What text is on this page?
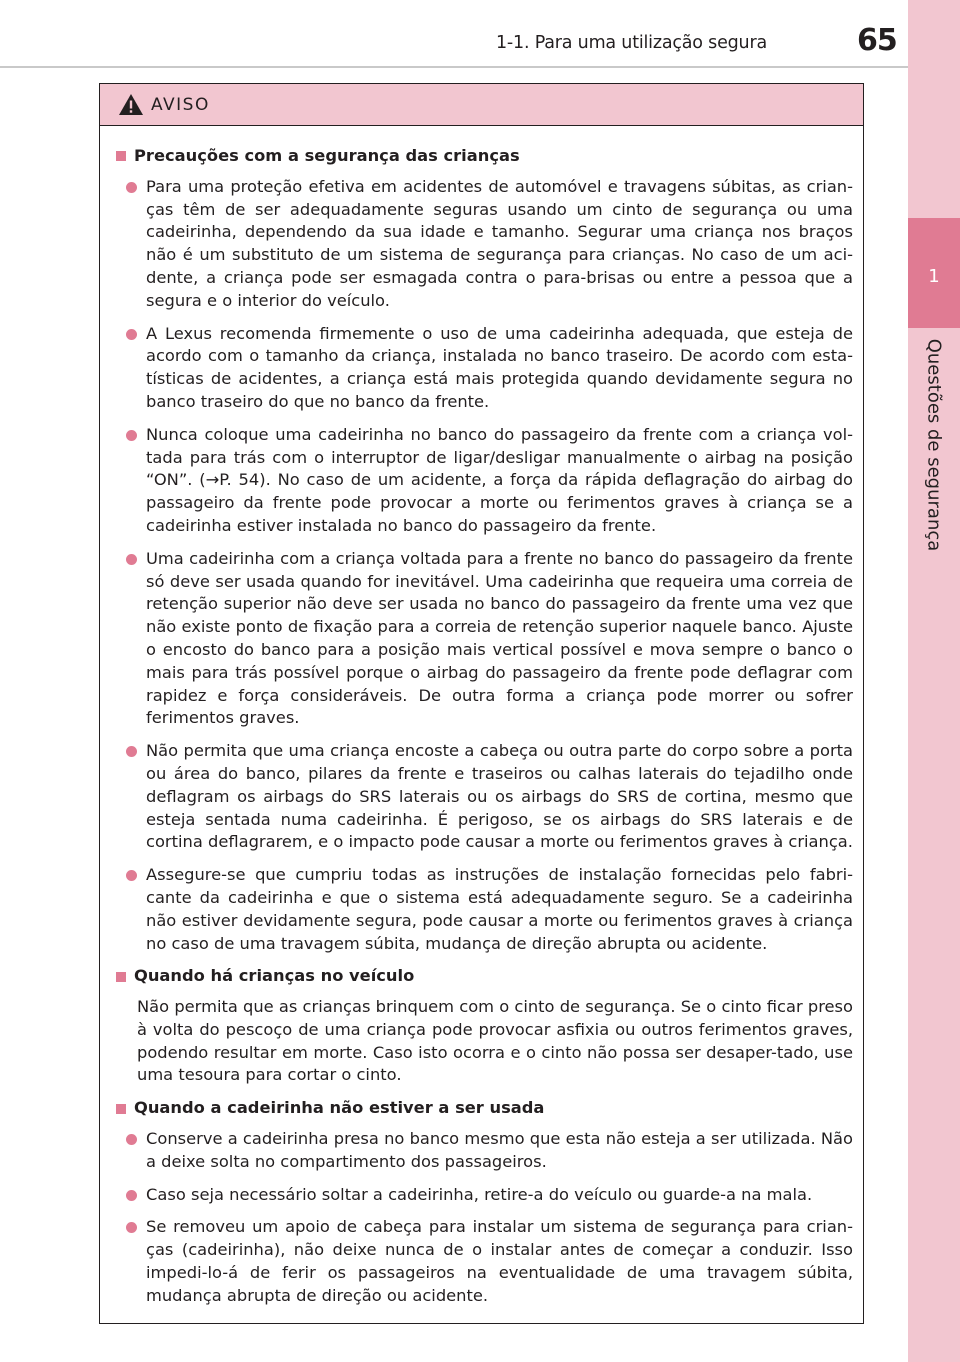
1-1. Para uma utilização segura	65
1
Questões de segurança
AVISO
Precauções com a segurança das crianças
Para uma proteção efetiva em acidentes de automóvel e travagens súbitas, as crian-ças têm de ser adequadamente seguras usando um cinto de segurança ou uma cadeirinha, dependendo da sua idade e tamanho. Segurar uma criança nos braços não é um substituto de um sistema de segurança para crianças. No caso de um aci-dente, a criança pode ser esmagada contra o para-brisas ou entre a pessoa que a segura e o interior do veículo.
A Lexus recomenda firmemente o uso de uma cadeirinha adequada, que esteja de acordo com o tamanho da criança, instalada no banco traseiro. De acordo com esta-tísticas de acidentes, a criança está mais protegida quando devidamente segura no banco traseiro do que no banco da frente.
Nunca coloque uma cadeirinha no banco do passageiro da frente com a criança vol-tada para trás com o interruptor de ligar/desligar manualmente o airbag na posição “ON”. (→P. 54). No caso de um acidente, a força da rápida deflagração do airbag do passageiro da frente pode provocar a morte ou ferimentos graves à criança se a cadeirinha estiver instalada no banco do passageiro da frente.
Uma cadeirinha com a criança voltada para a frente no banco do passageiro da frente só deve ser usada quando for inevitável. Uma cadeirinha que requeira uma correia de retenção superior não deve ser usada no banco do passageiro da frente uma vez que não existe ponto de fixação para a correia de retenção superior naquele banco. Ajuste o encosto do banco para a posição mais vertical possível e mova sempre o banco o mais para trás possível porque o airbag do passageiro da frente pode deflagrar com rapidez e força consideráveis. De outra forma a criança pode morrer ou sofrer ferimentos graves.
Não permita que uma criança encoste a cabeça ou outra parte do corpo sobre a porta ou área do banco, pilares da frente e traseiros ou calhas laterais do tejadilho onde deflagram os airbags do SRS laterais ou os airbags do SRS de cortina, mesmo que esteja sentada numa cadeirinha. É perigoso, se os airbags do SRS laterais e de cortina deflagrarem, e o impacto pode causar a morte ou ferimentos graves à criança.
Assegure-se que cumpriu todas as instruções de instalação fornecidas pelo fabri-cante da cadeirinha e que o sistema está adequadamente seguro. Se a cadeirinha não estiver devidamente segura, pode causar a morte ou ferimentos graves à criança no caso de uma travagem súbita, mudança de direção abrupta ou acidente.
Quando há crianças no veículo
Não permita que as crianças brinquem com o cinto de segurança. Se o cinto ficar preso à volta do pescoço de uma criança pode provocar asfixia ou outros ferimentos graves, podendo resultar em morte. Caso isto ocorra e o cinto não possa ser desaper-tado, use uma tesoura para cortar o cinto.
Quando a cadeirinha não estiver a ser usada
Conserve a cadeirinha presa no banco mesmo que esta não esteja a ser utilizada. Não a deixe solta no compartimento dos passageiros.
Caso seja necessário soltar a cadeirinha, retire-a do veículo ou guarde-a na mala.
Se removeu um apoio de cabeça para instalar um sistema de segurança para crian-ças (cadeirinha), não deixe nunca de o instalar antes de começar a conduzir. Isso impedi-lo-á de ferir os passageiros na eventualidade de uma travagem súbita, mudança abrupta de direção ou acidente.
